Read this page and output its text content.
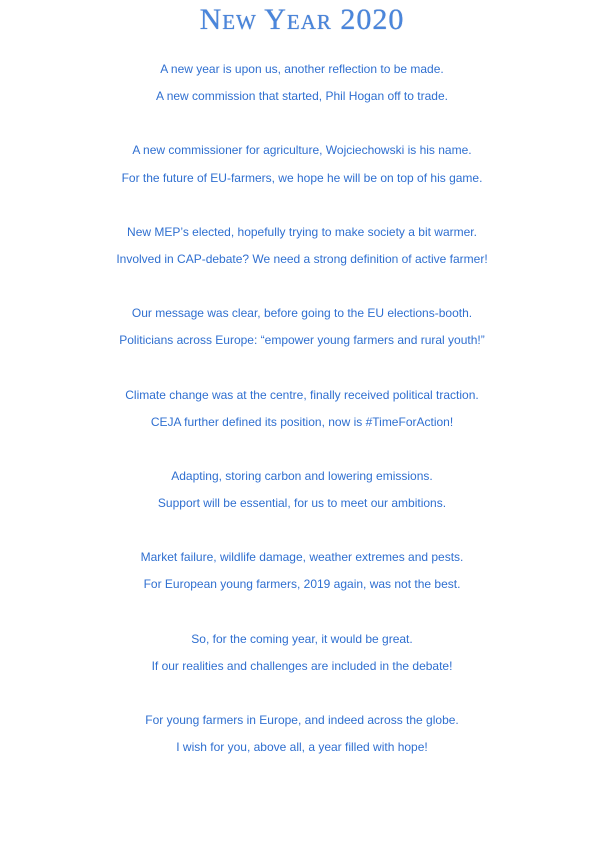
New Year 2020
A new year is upon us, another reflection to be made.
A new commission that started, Phil Hogan off to trade.
A new commissioner for agriculture, Wojciechowski is his name.
For the future of EU-farmers, we hope he will be on top of his game.
New MEP’s elected, hopefully trying to make society a bit warmer.
Involved in CAP-debate? We need a strong definition of active farmer!
Our message was clear, before going to the EU elections-booth.
Politicians across Europe: “empower young farmers and rural youth!”
Climate change was at the centre, finally received political traction.
CEJA further defined its position, now is #TimeForAction!
Adapting, storing carbon and lowering emissions.
Support will be essential, for us to meet our ambitions.
Market failure, wildlife damage, weather extremes and pests.
For European young farmers, 2019 again, was not the best.
So, for the coming year, it would be great.
If our realities and challenges are included in the debate!
For young farmers in Europe, and indeed across the globe.
I wish for you, above all, a year filled with hope!
